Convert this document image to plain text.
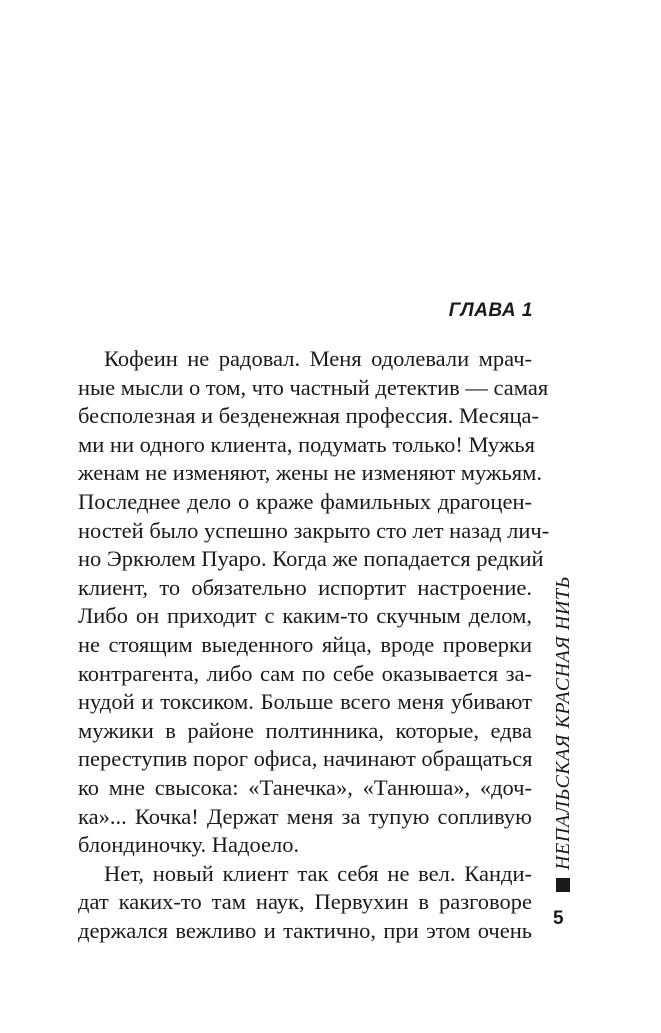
ГЛАВА 1
Кофеин не радовал. Меня одолевали мрач-
ные мысли о том, что частный детектив — самая
бесполезная и безденежная профессия. Месяца-
ми ни одного клиента, подумать только! Мужья
женам не изменяют, жены не изменяют мужьям.
Последнее дело о краже фамильных драгоцен-
ностей было успешно закрыто сто лет назад лич-
но Эркюлем Пуаро. Когда же попадается редкий
клиент, то обязательно испортит настроение.
Либо он приходит с каким-то скучным делом,
не стоящим выеденного яйца, вроде проверки
контрагента, либо сам по себе оказывается за-
нудой и токсиком. Больше всего меня убивают
мужики в районе полтинника, которые, едва
переступив порог офиса, начинают обращаться
ко мне свысока: «Танечка», «Танюша», «доч-
ка»... Кочка! Держат меня за тупую сопливую
блондиночку. Надоело.
Нет, новый клиент так себя не вел. Канди-
дат каких-то там наук, Первухин в разговоре
держался вежливо и тактично, при этом очень
НЕПАЛЬСКАЯ КРАСНАЯ НИТЬ
5
